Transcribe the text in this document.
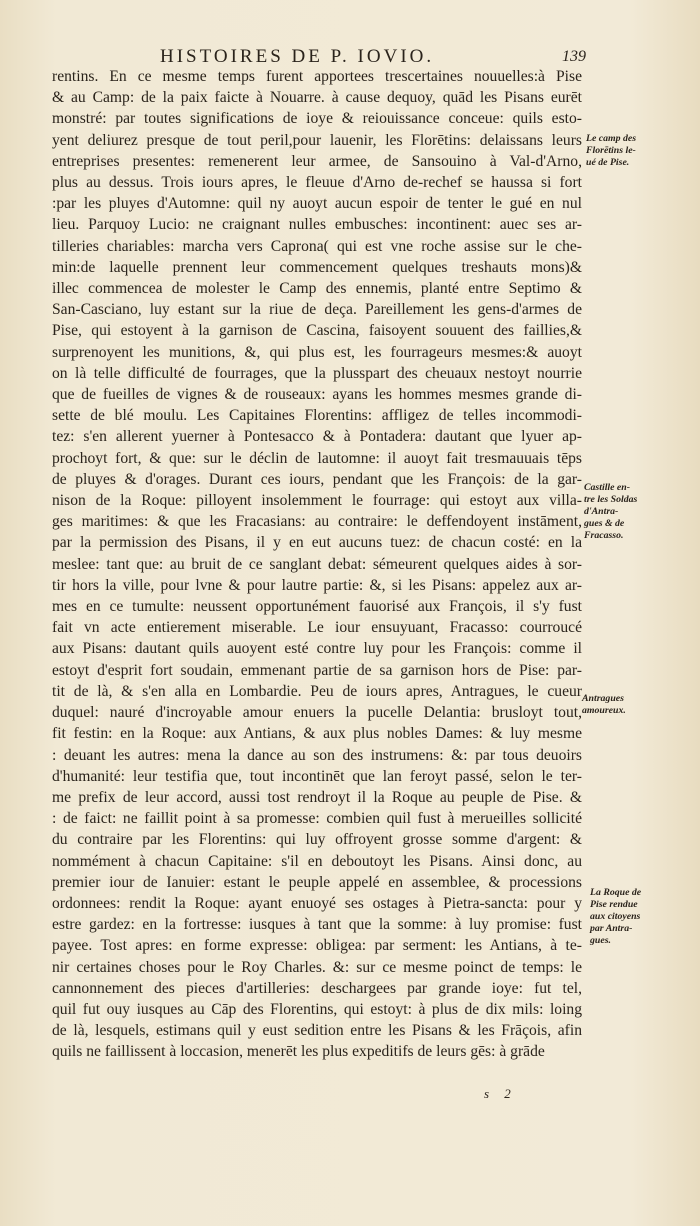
HISTOIRES DE P. IOVIO.	139
rentins. En ce mesme temps furent apportees trescertaines nouuelles:à Pise
& au Camp: de la paix faicte à Nouarre. à cause dequoy, quād les Pisans eurēt
monstré: par toutes significations de ioye & reiouissance conceue: quils esto-
yent deliurez presque de tout peril,pour lauenir, les Florētins: delaissans leurs
entreprises presentes: remenerent leur armee, de Sansouino à Val-d'Arno,
plus au dessus. Trois iours apres, le fleuue d'Arno de-rechef se haussa si fort
:par les pluyes d'Automne: quil ny auoyt aucun espoir de tenter le gué en nul
lieu. Parquoy Lucio: ne craignant nulles embusches: incontinent: auec ses ar-
tilleries chariables: marcha vers Caprona( qui est vne roche assise sur le che-
min:de laquelle prennent leur commencement quelques treshauts mons)&
illec commencea de molester le Camp des ennemis, planté entre Septimo &
San-Casciano, luy estant sur la riue de deça. Pareillement les gens-d'armes de
Pise, qui estoyent à la garnison de Cascina, faisoyent souuent des faillies,&
surprenoyent les munitions, &, qui plus est, les fourrageurs mesmes:& auoyt
on là telle difficulté de fourrages, que la plusspart des cheuaux nestoyt nourrie
que de fueilles de vignes & de rouseaux: ayans les hommes mesmes grande di-
sette de blé moulu. Les Capitaines Florentins: affligez de telles incommodi-
tez: s'en allerent yuerner à Pontesacco & à Pontadera: dautant que lyuer ap-
prochoyt fort, & que: sur le déclin de lautomne: il auoyt fait tresmauuais tēps
de pluyes & d'orages. Durant ces iours, pendant que les François: de la gar-
nison de la Roque: pilloyent insolemment le fourrage: qui estoyt aux villa-
ges maritimes: & que les Fracasians: au contraire: le deffendoyent instāment,
par la permission des Pisans, il y en eut aucuns tuez: de chacun costé: en la
meslee: tant que: au bruit de ce sanglant debat: sémeurent quelques aides à sor-
tir hors la ville, pour lvne & pour lautre partie: &, si les Pisans: appelez aux ar-
mes en ce tumulte: neussent opportunément fauorisé aux François, il s'y fust
fait vn acte entierement miserable. Le iour ensuyuant, Fracasso: courroucé
aux Pisans: dautant quils auoyent esté contre luy pour les François: comme il
estoyt d'esprit fort soudain, emmenant partie de sa garnison hors de Pise: par-
tit de là, & s'en alla en Lombardie. Peu de iours apres, Antragues, le cueur
duquel: nauré d'incroyable amour enuers la pucelle Delantia: brusloyt tout,
fit festin: en la Roque: aux Antians, & aux plus nobles Dames: & luy mesme
: deuant les autres: mena la dance au son des instrumens: &: par tous deuoirs
d'humanité: leur testifia que, tout incontinēt que lan feroyt passé, selon le ter-
me prefix de leur accord, aussi tost rendroyt il la Roque au peuple de Pise. &
: de faict: ne faillit point à sa promesse: combien quil fust à merueilles sollicité
du contraire par les Florentins: qui luy offroyent grosse somme d'argent: &
nommément à chacun Capitaine: s'il en deboutoyt les Pisans. Ainsi donc, au
premier iour de Ianuier: estant le peuple appelé en assemblee, & processions
ordonnees: rendit la Roque: ayant enuoyé ses ostages à Pietra-sancta: pour y
estre gardez: en la fortresse: iusques à tant que la somme: à luy promise: fust
payee. Tost apres: en forme expresse: obligea: par serment: les Antians, à te-
nir certaines choses pour le Roy Charles. &: sur ce mesme poinct de temps: le
cannonnement des pieces d'artilleries: deschargees par grande ioye: fut tel,
quil fut ouy iusques au Cāp des Florentins, qui estoyt: à plus de dix mils: loing
de là, lesquels, estimans quil y eust sedition entre les Pisans & les Frāçois, afin
quils ne faillissent à loccasion, menerēt les plus expeditifs de leurs gēs: à grāde
Le camp des
Florētins le-
ué de Pise.
Castille en-
tre les Soldas
d'Antra-
gues & de
Fracasso.
Antragues
amoureux.
La Roque de
Pise rendue
aux citoyens
par Antra-
gues.
s 2
